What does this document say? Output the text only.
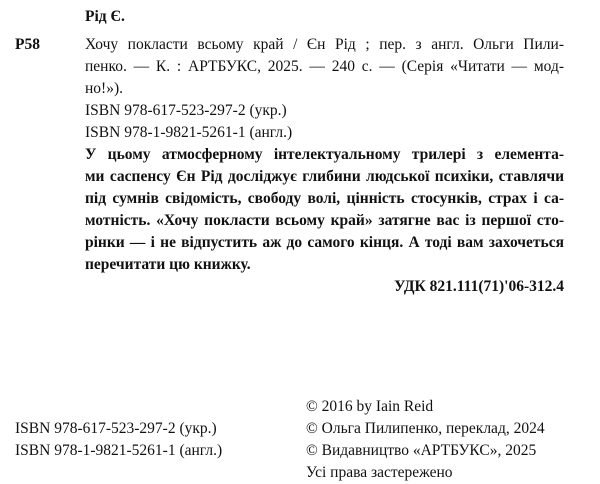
Рід Є.
Р58	Хочу покласти всьому край / Єн Рід ; пер. з англ. Ольги Пили-
пенко. — К. : АРТБУКС, 2025. — 240 с. — (Серія «Читати — мод-
но!»).
ISBN 978-617-523-297-2 (укр.)
ISBN 978-1-9821-5261-1 (англ.)
У цьому атмосферному інтелектуальному трилері з елемента-
ми саспенсу Єн Рід досліджує глибини людської психіки, ставлячи
під сумнів свідомість, свободу волі, цінність стосунків, страх і са-
мотність. «Хочу покласти всьому край» затягне вас із першої сто-
рінки — і не відпустить аж до самого кінця. А тоді вам захочеться
перечитати цю книжку.
УДК 821.111(71)'06-312.4
ISBN 978-617-523-297-2 (укр.)
ISBN 978-1-9821-5261-1 (англ.)
© 2016 by Iain Reid
© Ольга Пилипенко, переклад, 2024
© Видавництво «АРТБУКС», 2025
Усі права застережено
